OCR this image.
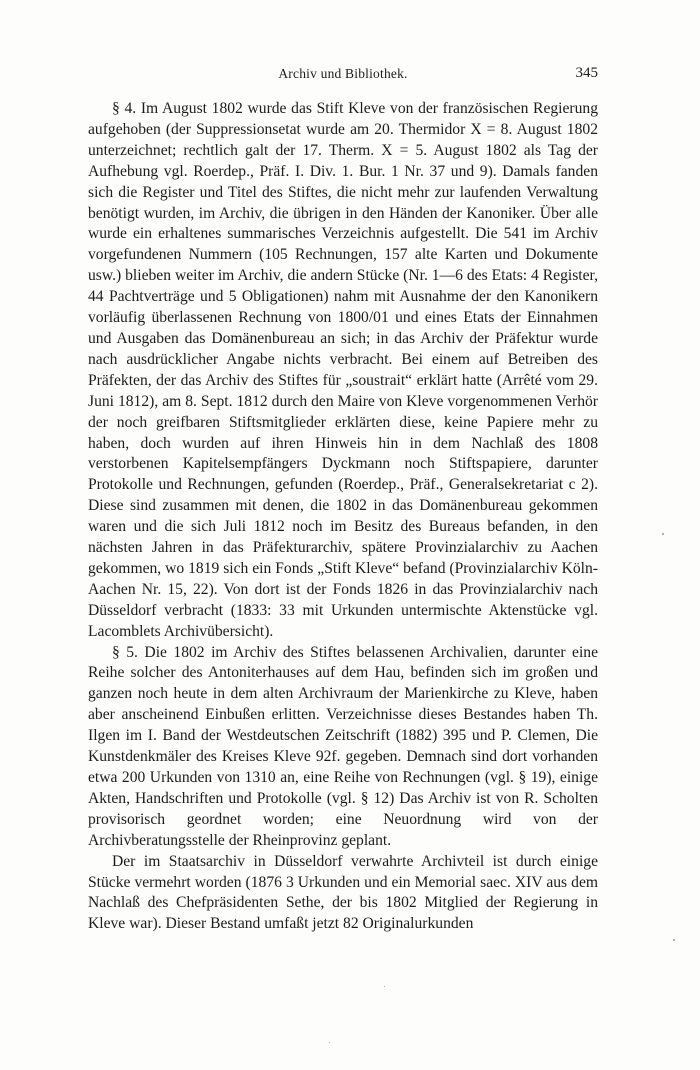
Archiv und Bibliothek.	345

§ 4. Im August 1802 wurde das Stift Kleve von der französischen Regierung aufgehoben (der Suppressionsetat wurde am 20. Thermidor X = 8. August 1802 unterzeichnet; rechtlich galt der 17. Therm. X = 5. August 1802 als Tag der Aufhebung vgl. Roerdep., Präf. I. Div. 1. Bur. 1 Nr. 37 und 9). Damals fanden sich die Register und Titel des Stiftes, die nicht mehr zur laufenden Verwaltung benötigt wurden, im Archiv, die übrigen in den Händen der Kanoniker. Über alle wurde ein erhaltenes summarisches Verzeichnis aufgestellt. Die 541 im Archiv vorgefundenen Nummern (105 Rechnungen, 157 alte Karten und Dokumente usw.) blieben weiter im Archiv, die andern Stücke (Nr. 1—6 des Etats: 4 Register, 44 Pachtverträge und 5 Obligationen) nahm mit Ausnahme der den Kanonikern vorläufig überlassenen Rechnung von 1800/01 und eines Etats der Einnahmen und Ausgaben das Domänenbureau an sich; in das Archiv der Präfektur wurde nach ausdrücklicher Angabe nichts verbracht. Bei einem auf Betreiben des Präfekten, der das Archiv des Stiftes für „soustrait“ erklärt hatte (Arrêté vom 29. Juni 1812), am 8. Sept. 1812 durch den Maire von Kleve vorgenommenen Verhör der noch greifbaren Stiftsmitglieder erklärten diese, keine Papiere mehr zu haben, doch wurden auf ihren Hinweis hin in dem Nachlaß des 1808 verstorbenen Kapitelsempfängers Dyckmann noch Stiftspapiere, darunter Protokolle und Rechnungen, gefunden (Roerdep., Präf., Generalsekretariat c 2). Diese sind zusammen mit denen, die 1802 in das Domänenbureau gekommen waren und die sich Juli 1812 noch im Besitz des Bureaus befanden, in den nächsten Jahren in das Präfekturarchiv, spätere Provinzialarchiv zu Aachen gekommen, wo 1819 sich ein Fonds „Stift Kleve“ befand (Provinzialarchiv Köln-Aachen Nr. 15, 22). Von dort ist der Fonds 1826 in das Provinzialarchiv nach Düsseldorf verbracht (1833: 33 mit Urkunden untermischte Aktenstücke vgl. Lacomblets Archivübersicht).

§ 5. Die 1802 im Archiv des Stiftes belassenen Archivalien, darunter eine Reihe solcher des Antoniterhauses auf dem Hau, befinden sich im großen und ganzen noch heute in dem alten Archivraum der Marienkirche zu Kleve, haben aber anscheinend Einbußen erlitten. Verzeichnisse dieses Bestandes haben Th. Ilgen im I. Band der Westdeutschen Zeitschrift (1882) 395 und P. Clemen, Die Kunstdenkmäler des Kreises Kleve 92f. gegeben. Demnach sind dort vorhanden etwa 200 Urkunden von 1310 an, eine Reihe von Rechnungen (vgl. § 19), einige Akten, Handschriften und Protokolle (vgl. § 12) Das Archiv ist von R. Scholten provisorisch geordnet worden; eine Neuordnung wird von der Archivberatungsstelle der Rheinprovinz geplant.

Der im Staatsarchiv in Düsseldorf verwahrte Archivteil ist durch einige Stücke vermehrt worden (1876 3 Urkunden und ein Memorial saec. XIV aus dem Nachlaß des Chefpräsidenten Sethe, der bis 1802 Mitglied der Regierung in Kleve war). Dieser Bestand umfaßt jetzt 82 Originalurkunden
